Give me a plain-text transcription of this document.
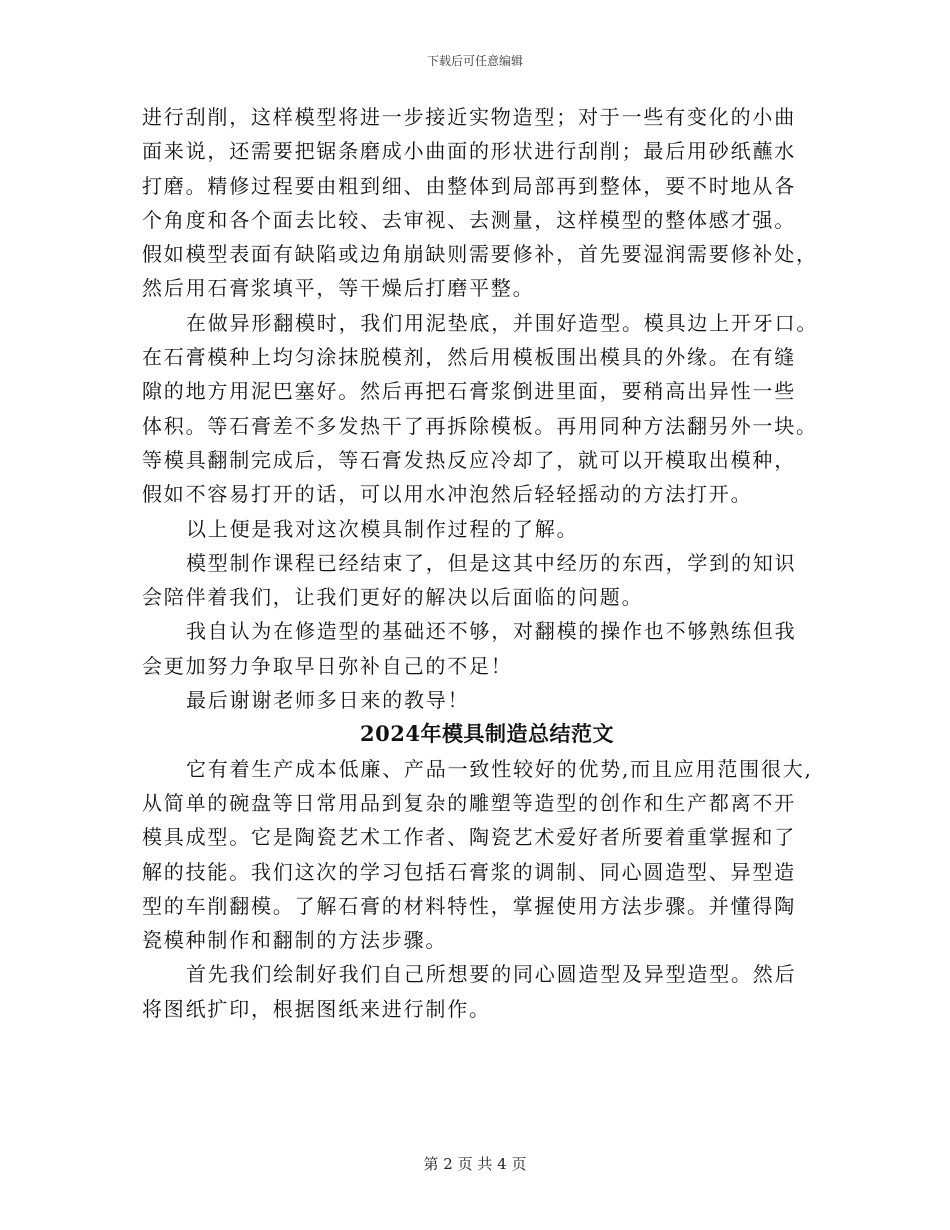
下载后可任意编辑

进行刮削，这样模型将进一步接近实物造型；对于一些有变化的小曲
面来说，还需要把锯条磨成小曲面的形状进行刮削；最后用砂纸蘸水
打磨。精修过程要由粗到细、由整体到局部再到整体，要不时地从各
个角度和各个面去比较、去审视、去测量，这样模型的整体感才强。
假如模型表面有缺陷或边角崩缺则需要修补，首先要湿润需要修补处，
然后用石膏浆填平，等干燥后打磨平整。

在做异形翻模时，我们用泥垫底，并围好造型。模具边上开牙口。
在石膏模种上均匀涂抹脱模剂，然后用模板围出模具的外缘。在有缝
隙的地方用泥巴塞好。然后再把石膏浆倒进里面，要稍高出异性一些
体积。等石膏差不多发热干了再拆除模板。再用同种方法翻另外一块。
等模具翻制完成后，等石膏发热反应冷却了，就可以开模取出模种，
假如不容易打开的话，可以用水冲泡然后轻轻摇动的方法打开。

以上便是我对这次模具制作过程的了解。

模型制作课程已经结束了，但是这其中经历的东西，学到的知识
会陪伴着我们，让我们更好的解决以后面临的问题。

我自认为在修造型的基础还不够，对翻模的操作也不够熟练但我
会更加努力争取早日弥补自己的不足！

最后谢谢老师多日来的教导！

2024年模具制造总结范文

它有着生产成本低廉、产品一致性较好的优势,而且应用范围很大,
从简单的碗盘等日常用品到复杂的雕塑等造型的创作和生产都离不开
模具成型。它是陶瓷艺术工作者、陶瓷艺术爱好者所要着重掌握和了
解的技能。我们这次的学习包括石膏浆的调制、同心圆造型、异型造
型的车削翻模。了解石膏的材料特性，掌握使用方法步骤。并懂得陶
瓷模种制作和翻制的方法步骤。

首先我们绘制好我们自己所想要的同心圆造型及异型造型。然后
将图纸扩印，根据图纸来进行制作。

第 2 页 共 4 页
